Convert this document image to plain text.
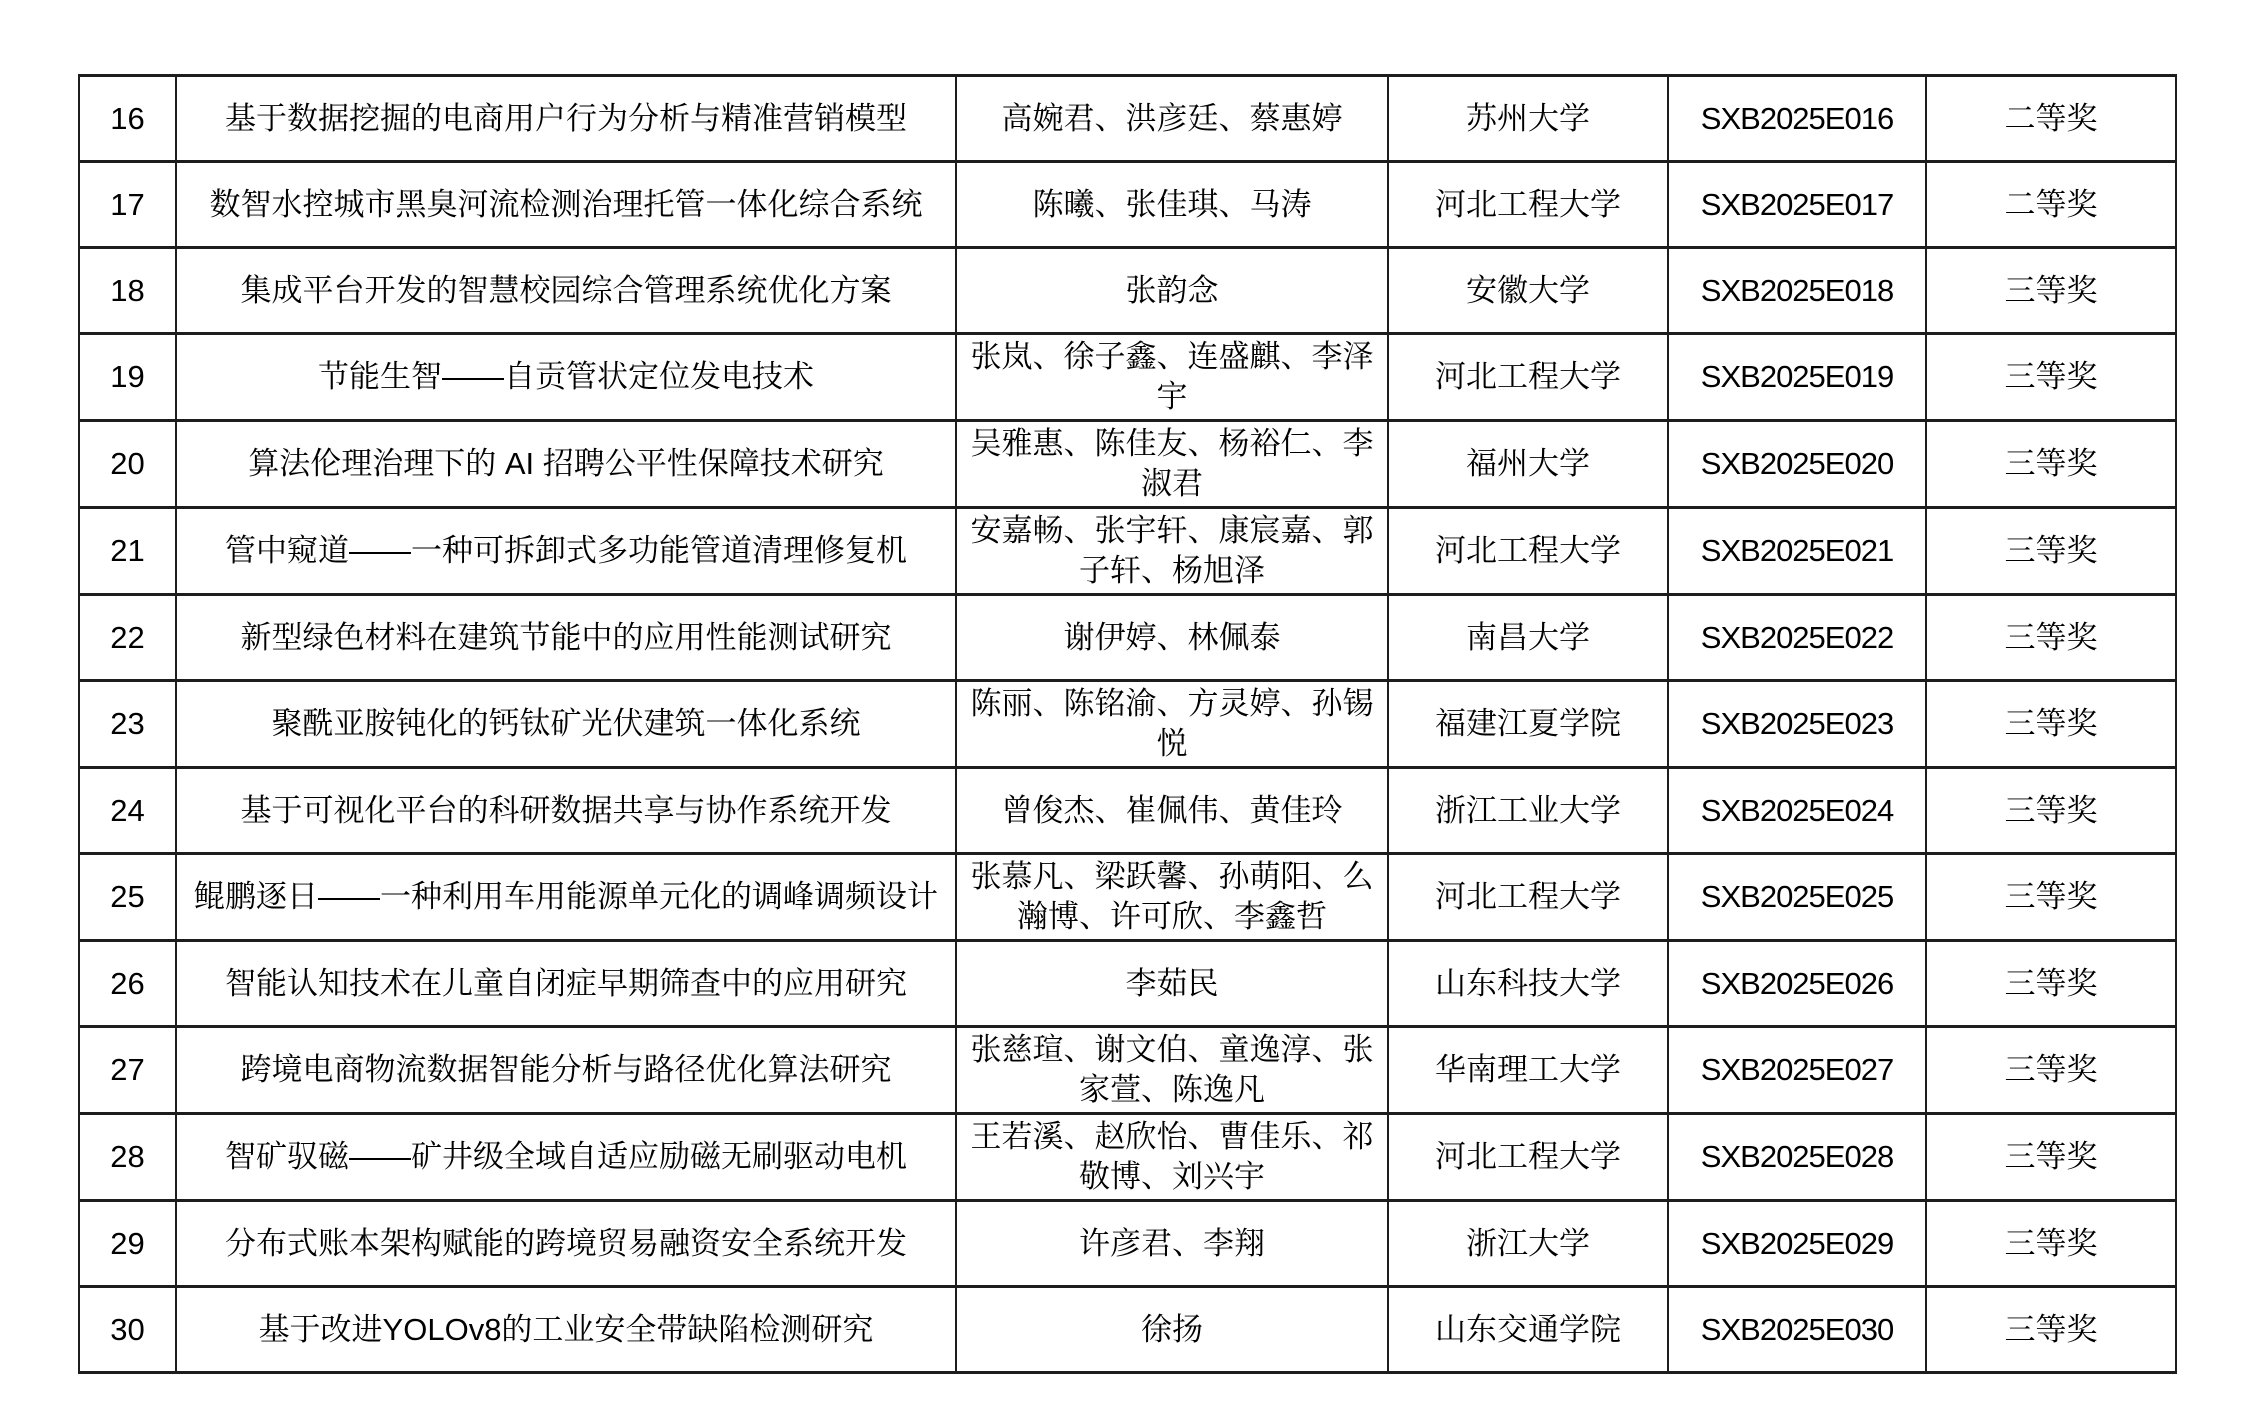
16	基于数据挖掘的电商用户行为分析与精准营销模型	高婉君、洪彦廷、蔡惠婷	苏州大学	SXB2025E016	二等奖
17	数智水控城市黑臭河流检测治理托管一体化综合系统	陈曦、张佳琪、马涛	河北工程大学	SXB2025E017	二等奖
18	集成平台开发的智慧校园综合管理系统优化方案	张韵念	安徽大学	SXB2025E018	三等奖
19	节能生智——自贡管状定位发电技术	张岚、徐子鑫、连盛麒、李泽宇	河北工程大学	SXB2025E019	三等奖
20	算法伦理治理下的 AI 招聘公平性保障技术研究	吴雅惠、陈佳友、杨裕仁、李淑君	福州大学	SXB2025E020	三等奖
21	管中窥道——一种可拆卸式多功能管道清理修复机	安嘉畅、张宇轩、康宸嘉、郭子轩、杨旭泽	河北工程大学	SXB2025E021	三等奖
22	新型绿色材料在建筑节能中的应用性能测试研究	谢伊婷、林佩泰	南昌大学	SXB2025E022	三等奖
23	聚酰亚胺钝化的钙钛矿光伏建筑一体化系统	陈丽、陈铭渝、方灵婷、孙锡悦	福建江夏学院	SXB2025E023	三等奖
24	基于可视化平台的科研数据共享与协作系统开发	曾俊杰、崔佩伟、黄佳玲	浙江工业大学	SXB2025E024	三等奖
25	鲲鹏逐日——一种利用车用能源单元化的调峰调频设计	张慕凡、梁跃馨、孙萌阳、么瀚博、许可欣、李鑫哲	河北工程大学	SXB2025E025	三等奖
26	智能认知技术在儿童自闭症早期筛查中的应用研究	李茹民	山东科技大学	SXB2025E026	三等奖
27	跨境电商物流数据智能分析与路径优化算法研究	张慈瑄、谢文伯、童逸淳、张家萱、陈逸凡	华南理工大学	SXB2025E027	三等奖
28	智矿驭磁——矿井级全域自适应励磁无刷驱动电机	王若溪、赵欣怡、曹佳乐、祁敬博、刘兴宇	河北工程大学	SXB2025E028	三等奖
29	分布式账本架构赋能的跨境贸易融资安全系统开发	许彦君、李翔	浙江大学	SXB2025E029	三等奖
30	基于改进YOLOv8的工业安全带缺陷检测研究	徐扬	山东交通学院	SXB2025E030	三等奖
